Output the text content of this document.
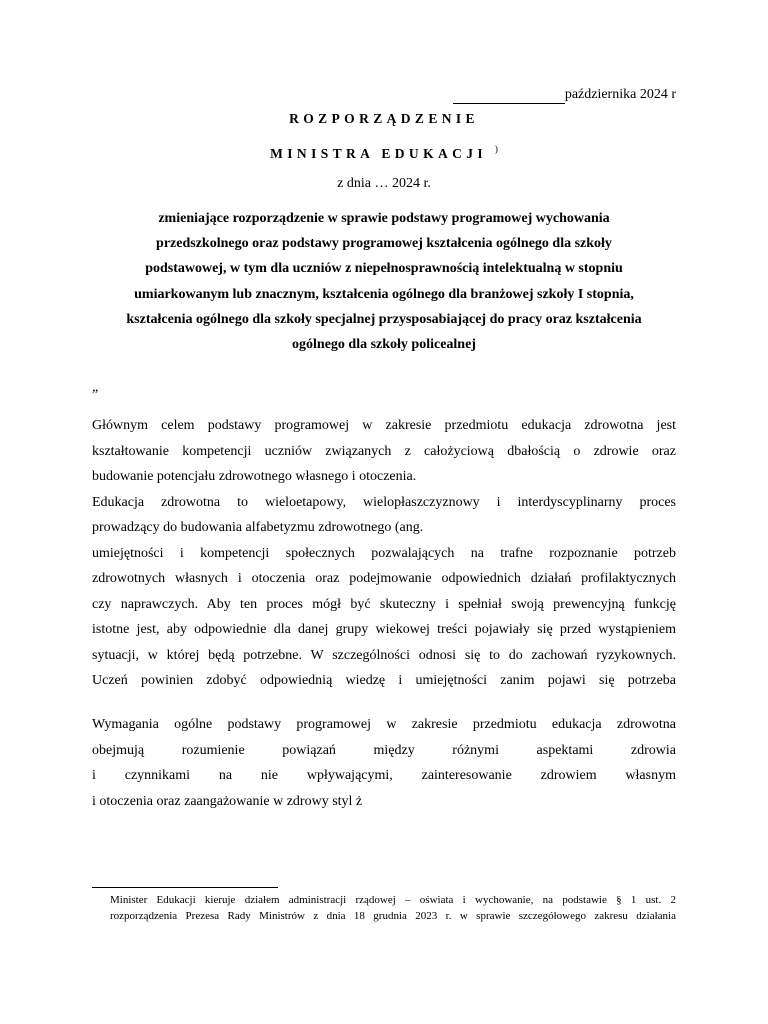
października 2024 r
ROZPORZĄDZENIE
MINISTRA EDUKACJI )
z dnia … 2024 r.
zmieniające rozporządzenie w sprawie podstawy programowej wychowania
przedszkolnego oraz podstawy programowej kształcenia ogólnego dla szkoły
podstawowej, w tym dla uczniów z niepełnosprawnością intelektualną w stopniu
umiarkowanym lub znacznym, kształcenia ogólnego dla branżowej szkoły I stopnia,
kształcenia ogólnego dla szkoły specjalnej przysposabiającej do pracy oraz kształcenia
ogólnego dla szkoły policealnej
„
Głównym celem podstawy programowej w zakresie przedmiotu edukacja zdrowotna jest
kształtowanie kompetencji uczniów związanych z całożyciową dbałością o zdrowie oraz
budowanie potencjału zdrowotnego własnego i otoczenia.
Edukacja zdrowotna to wieloetapowy, wielopłaszczyznowy i interdyscyplinarny proces
prowadzący do budowania alfabetyzmu zdrowotnego (ang.
umiejętności i kompetencji społecznych pozwalających na trafne rozpoznanie potrzeb
zdrowotnych własnych i otoczenia oraz podejmowanie odpowiednich działań profilaktycznych
czy naprawczych. Aby ten proces mógł być skuteczny i spełniał swoją prewencyjną funkcję
istotne jest, aby odpowiednie dla danej grupy wiekowej treści pojawiały się przed wystąpieniem
sytuacji, w której będą potrzebne. W szczególności odnosi się to do zachowań ryzykownych.
Uczeń powinien zdobyć odpowiednią wiedzę i umiejętności zanim pojawi się potrzeba
Wymagania ogólne podstawy programowej w zakresie przedmiotu edukacja zdrowotna
obejmują rozumienie powiązań między różnymi aspektami zdrowia
i czynnikami na nie wpływającymi, zainteresowanie zdrowiem własnym
i otoczenia oraz zaangażowanie w zdrowy styl ż
Minister Edukacji kieruje działem administracji rządowej – oświata i wychowanie, na podstawie § 1 ust. 2
rozporządzenia Prezesa Rady Ministrów z dnia 18 grudnia 2023 r. w sprawie szczegółowego zakresu działania
